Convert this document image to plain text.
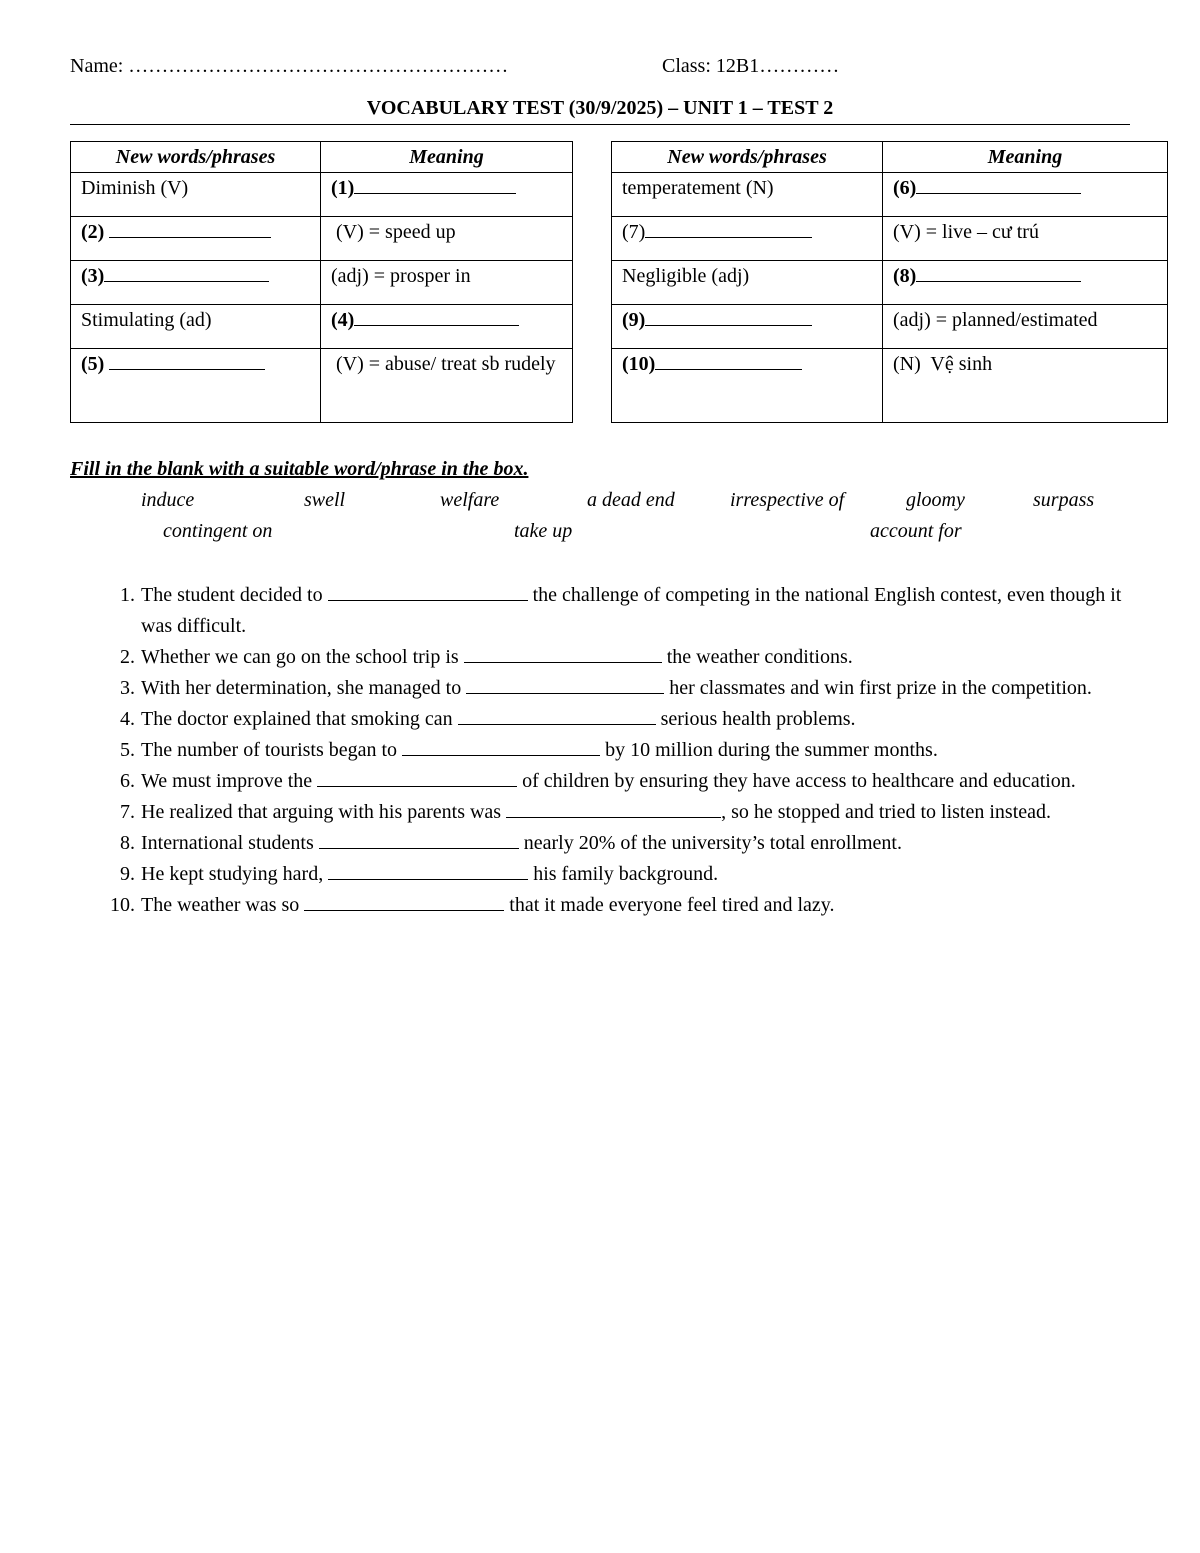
Name: …………………………………………………	Class: 12B1…………
VOCABULARY TEST (30/9/2025) – UNIT 1 – TEST 2
New words/phrases	Meaning
Diminish (V)	(1)
(2)	(V) = speed up
(3)	(adj) = prosper in
Stimulating (ad)	(4)
(5)	(V) = abuse/ treat sb rudely
New words/phrases	Meaning
temperatement (N)	(6)
(7)	(V) = live – cư trú
Negligible (adj)	(8)
(9)	(adj) = planned/estimated
(10)	(N)  Vệ sinh
Fill in the blank with a suitable word/phrase in the box.
induce	swell	welfare	a dead end	irrespective of	gloomy	surpass
contingent on	take up	account for
1. The student decided to	the challenge of competing in the national English contest, even though it was difficult.
2. Whether we can go on the school trip is	the weather conditions.
3. With her determination, she managed to	her classmates and win first prize in the competition.
4. The doctor explained that smoking can	serious health problems.
5. The number of tourists began to	by 10 million during the summer months.
6. We must improve the	of children by ensuring they have access to healthcare and education.
7. He realized that arguing with his parents was	, so he stopped and tried to listen instead.
8. International students	nearly 20% of the university’s total enrollment.
9. He kept studying hard,	his family background.
10. The weather was so	that it made everyone feel tired and lazy.
